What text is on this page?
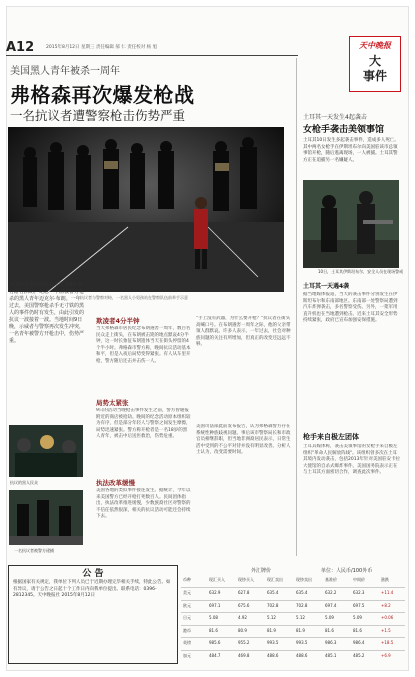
A12	2015年8月12日 星期三 责任编辑 郝 仁 责任校对 杨 旭	天中晚报
大
事件
美国黑人青年被杀一周年
弗格森再次爆发枪战
一名抗议者遭警察枪击伤势严重
抗议者与警察对峙，一名黑人小男孩站在警察队伍前举手示意

美国密苏里州弗格森市民众9日举行游行活动，纪念一年前被警方枪杀的黑人青年迈克尔·布朗。一年过去，美国警察枪杀手无寸铁的黑人的事件仍时有发生，由此引发的抗议一波接着一波。当地时间9日晚，示威者与警察再次发生冲突，一名青年被警方开枪击中，伤势严重。

抗议的黑人民众
一名抗议者被警方逮捕
欺凌者4分半钟
当天弗格森市居民纪念布朗遇害一周年，数百名民众走上街头，在布朗被击毙的地点默哀4分半钟，这一时长象征布朗遗体当天在街头停留的4个半小时。弗格森市警方称，晚间抗议活动基本和平，但是入夜后局势变得紧张。有人从车里开枪，警方随后还击并击伤一人。
局势太紧张
9日的活动当晚枪击事件发生之前，警方曾通报附近的商店被抢劫。晚间的纪念活动原本组织较为有序，但是部分年轻人与警察之间发生摩擦，局势迅速紧张。警方称开枪者是一名18岁的黑人青年，被击中后送医救治，伤势危重。
执法改革缓慢
美国各地的类似事件接连发生。据统计，今年以来美国警方已经开枪打死数百人。民间团体指出，执法改革推进缓慢，少数族裔社区对警察的不信任依然很深，相关的抗议活动可能还会持续下去。
"手上没有武器，为什么要开枪？"抗议者在街头高喊口号。在布朗遇害一周年之际，他的父亲带领人群默哀。许多人表示，一年过去，社会对种族问题的关注有所增加，但真正的改变还远远不够。
美国司法部此前发布报告，认为弗格森警方存在系统性种族歧视问题。事后该市警察局长和市政官员相继辞职，但当地非洲裔居民表示，日常生活中受到的不公平对待并没有明显改善。分析人士认为，改变需要时间。
土耳其一天发生4起袭击
女枪手袭击美领事馆
土耳其10日发生多起袭击事件，造成多人死亡。其中两名女枪手在伊斯坦布尔向美国驻该市总领事馆开枪，随后逃离现场，一人被捕。土耳其警方正在追捕另一名嫌疑人。
10日，土耳其伊斯坦布尔，安全人员在现场警戒
土耳其一天遇4袭
据当地媒体报道，当天的袭击事件分别发生在伊斯坦布尔和东南部地区。东南部一处警察局遭到汽车炸弹袭击，多名警察受伤。另外，一架军用直升机也在当地遭到枪击。近来土耳其安全形势持续紧张，政府已宣布加强安保措施。
枪手来自极左团体
土耳其媒体称，袭击美领事馆的女枪手来自极左组织"革命人民解放阵线"。该组织曾多次在土耳其境内发动袭击，包括2013年针对美国驻安卡拉大使馆的自杀式爆炸事件。美国国务院表示正在与土耳其方面密切合作，调查此次事件。
公 告
根据国家有关规定，我单位下列人员已于近期办理完毕相关手续，特此公告。如有异议，请于公告之日起十个工作日内向我单位提出。联系电话：0396-2812345。天中晚报社 2015年8月12日
外汇牌价	单位：人民币/100外币
币种	现汇买入	现钞买入	现汇卖出	现钞卖出	基准价	中间价	涨跌
美元	632.9	627.8	635.4	635.4	632.2	632.3	+11.4
欧元	697.1	675.6	702.8	702.8	697.4	697.5	+8.2
日元	5.08	4.92	5.12	5.12	5.09	5.09	+0.06
港币	81.6	80.9	81.9	81.9	81.6	81.6	+1.5
英镑	985.6	955.2	993.5	993.5	986.3	986.4	+18.5
加元	484.7	469.8	488.6	488.6	485.1	485.2	+6.9
